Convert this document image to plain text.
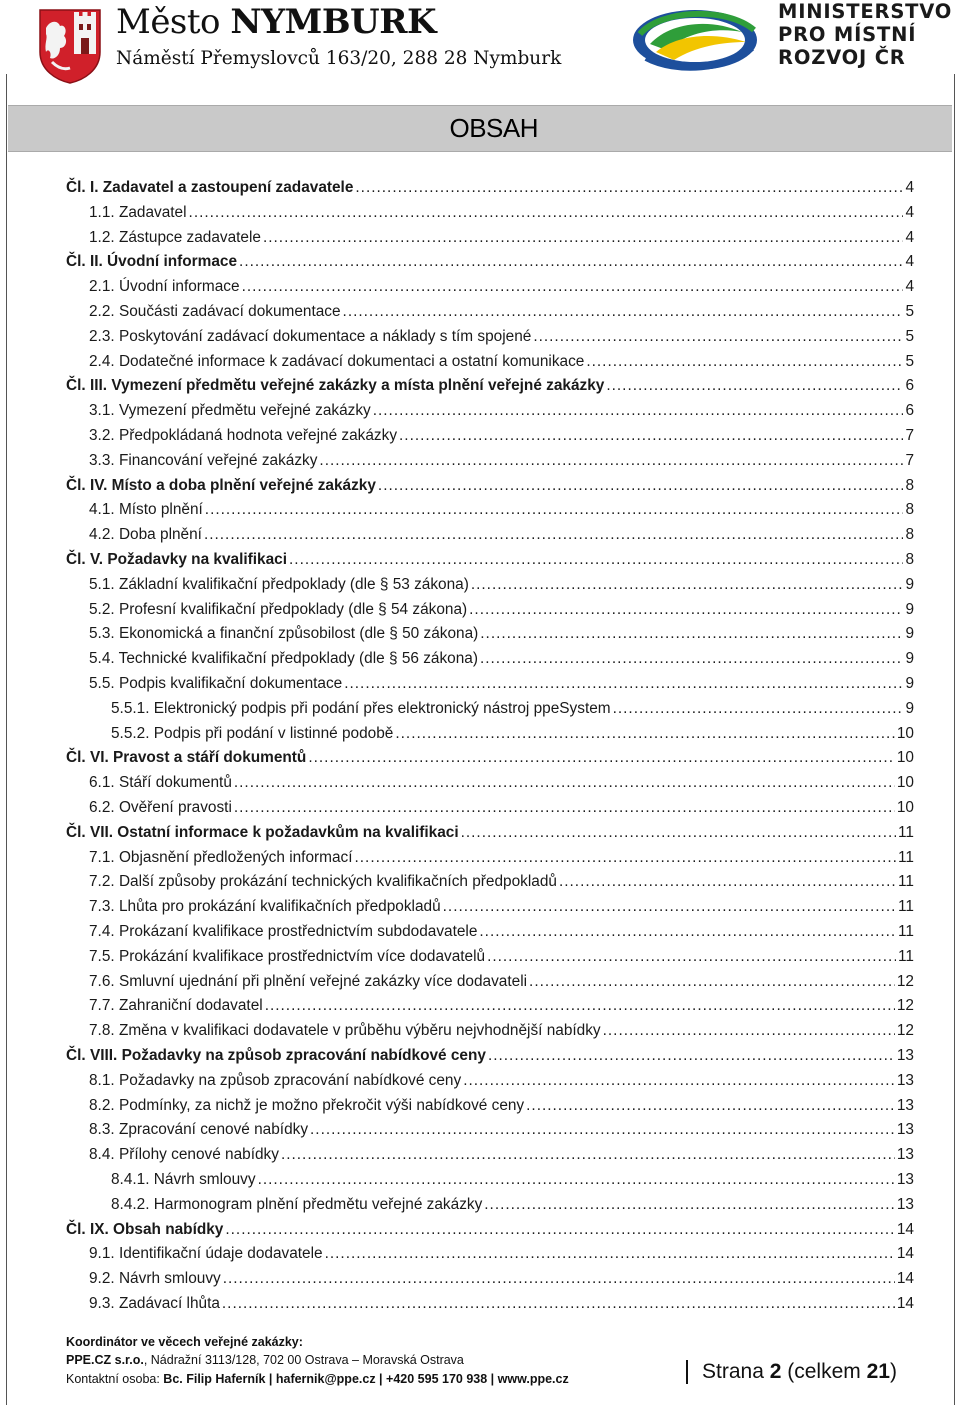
Město NYMBURK
Náměstí Přemyslovců 163/20, 288 28 Nymburk
MINISTERSTVO
PRO MÍSTNÍ
ROZVOJ ČR
OBSAH
Čl. I. Zadavatel a zastoupení zadavatele .....	4
1.1. Zadavatel .....	4
1.2. Zástupce zadavatele .....	4
Čl. II. Úvodní informace .....	4
2.1. Úvodní informace .....	4
2.2. Součásti zadávací dokumentace .....	5
2.3. Poskytování zadávací dokumentace a náklady s tím spojené .....	5
2.4. Dodatečné informace k zadávací dokumentaci a ostatní komunikace .....	5
Čl. III. Vymezení předmětu veřejné zakázky a místa plnění veřejné zakázky .....	6
3.1. Vymezení předmětu veřejné zakázky .....	6
3.2. Předpokládaná hodnota veřejné zakázky .....	7
3.3. Financování veřejné zakázky .....	7
Čl. IV. Místo a doba plnění veřejné zakázky .....	8
4.1. Místo plnění .....	8
4.2. Doba plnění .....	8
Čl. V. Požadavky na kvalifikaci .....	8
5.1. Základní kvalifikační předpoklady (dle § 53 zákona) .....	9
5.2. Profesní kvalifikační předpoklady (dle § 54 zákona) .....	9
5.3. Ekonomická a finanční způsobilost (dle § 50 zákona) .....	9
5.4. Technické kvalifikační předpoklady (dle § 56 zákona) .....	9
5.5. Podpis kvalifikační dokumentace .....	9
5.5.1. Elektronický podpis při podání přes elektronický nástroj ppeSystem .....	9
5.5.2. Podpis při podání v listinné podobě .....	10
Čl. VI. Pravost a stáří dokumentů .....	10
6.1. Stáří dokumentů .....	10
6.2. Ověření pravosti .....	10
Čl. VII. Ostatní informace k požadavkům na kvalifikaci .....	11
7.1. Objasnění předložených informací .....	11
7.2. Další způsoby prokázání technických kvalifikačních předpokladů .....	11
7.3. Lhůta pro prokázání kvalifikačních předpokladů .....	11
7.4. Prokázaní kvalifikace prostřednictvím subdodavatele .....	11
7.5. Prokázání kvalifikace prostřednictvím více dodavatelů .....	11
7.6. Smluvní ujednání při plnění veřejné zakázky více dodavateli .....	12
7.7. Zahraniční dodavatel .....	12
7.8. Změna v kvalifikaci dodavatele v průběhu výběru nejvhodnější nabídky .....	12
Čl. VIII. Požadavky na způsob zpracování nabídkové ceny .....	13
8.1. Požadavky na způsob zpracování nabídkové ceny .....	13
8.2. Podmínky, za nichž je možno překročit výši nabídkové ceny .....	13
8.3. Zpracování cenové nabídky .....	13
8.4. Přílohy cenové nabídky .....	13
8.4.1. Návrh smlouvy .....	13
8.4.2. Harmonogram plnění předmětu veřejné zakázky .....	13
Čl. IX. Obsah nabídky .....	14
9.1. Identifikační údaje dodavatele .....	14
9.2. Návrh smlouvy .....	14
9.3. Zadávací lhůta .....	14
Koordinátor ve věcech veřejné zakázky:
PPE.CZ s.r.o., Nádražní 3113/128, 702 00 Ostrava – Moravská Ostrava
Kontaktní osoba: Bc. Filip Haferník | hafernik@ppe.cz | +420 595 170 938 | www.ppe.cz	Strana 2 (celkem 21)
